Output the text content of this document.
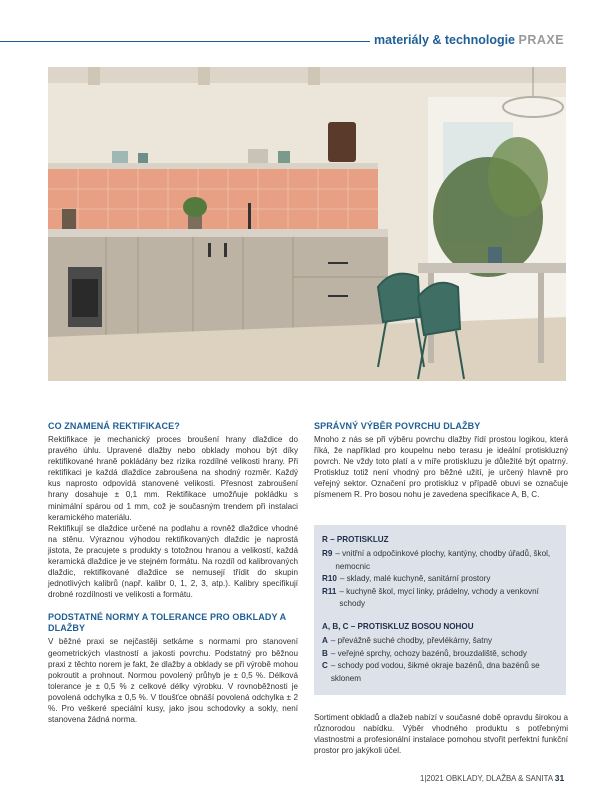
materiály & technologie PRAXE
CO ZNAMENÁ REKTIFIKACE?
Rektifikace je mechanický proces broušení hrany dlaždice do pravého úhlu. Upravené dlažby nebo obklady mohou být díky rektifikované hraně pokládány bez rizika rozdílné velikosti hrany. Při rektifikaci je každá dlaždice zabroušena na shodný rozměr. Každý kus naprosto odpovídá stanovené velikosti. Přesnost zabroušení hrany dosahuje ± 0,1 mm. Rektifikace umožňuje pokládku s minimální spárou od 1 mm, což je současným trendem při instalaci keramického materiálu.
Rektifikují se dlaždice určené na podlahu a rovněž dlaždice vhodné na stěnu. Výraznou výhodou rektifikovaných dlaždic je naprostá jistota, že pracujete s produkty s totožnou hranou a velikostí, každá keramická dlaždice je ve stejném formátu. Na rozdíl od kalibrovaných dlaždic, rektifikované dlaždice se nemusejí třídit do skupin jednotlivých kalibrů (např. kalibr 0, 1, 2, 3, atp.). Kalibry specifikují drobné rozdílnosti ve velikosti a formátu.
PODSTATNÉ NORMY A TOLERANCE PRO OBKLADY A DLAŽBY
V běžné praxi se nejčastěji setkáme s normami pro stanovení geometrických vlastností a jakosti povrchu. Podstatný pro běžnou praxi z těchto norem je fakt, že dlažby a obklady se při výrobě mohou pokroutit a prohnout. Normou povolený průhyb je ± 0,5 %. Délková tolerance je ± 0,5 % z celkové délky výrobku. V rovnoběžnosti je povolená odchylka ± 0,5 %. V tloušťce obnáší povolená odchylka ± 2 %. Pro veškeré speciální kusy, jako jsou schodovky a sokly, není stanovena žádná norma.
SPRÁVNÝ VÝBĚR POVRCHU DLAŽBY
Mnoho z nás se při výběru povrchu dlažby řídí prostou logikou, která říká, že například pro koupelnu nebo terasu je ideální protiskluzný povrch. Ne vždy toto platí a v míře protiskluzu je důležité být opatrný. Protiskluz totiž není vhodný pro běžné užití, je určený hlavně pro veřejný sektor. Označení pro protiskluz v případě obuvi se označuje písmenem R. Pro bosou nohu je zavedena specifikace A, B, C.
R – PROTISKLUZ
R9 – vnitřní a odpočinkové plochy, kantýny, chodby úřadů, škol, nemocnic
R10 – sklady, malé kuchyně, sanitární prostory
R11 – kuchyně škol, mycí linky, prádelny, vchody a venkovní schody
A, B, C – PROTISKLUZ BOSOU NOHOU
A – převážně suché chodby, převlékárny, šatny
B – veřejné sprchy, ochozy bazénů, brouzdaliště, schody
C – schody pod vodou, šikmé okraje bazénů, dna bazénů se sklonem
Sortiment obkladů a dlažeb nabízí v současné době opravdu širokou a různorodou nabídku. Výběr vhodného produktu s potřebnými vlastnostmi a profesionální instalace pomohou stvořit perfektní funkční prostor pro jakýkoli účel.
1|2021 OBKLADY, DLAŽBA & SANITA 31
